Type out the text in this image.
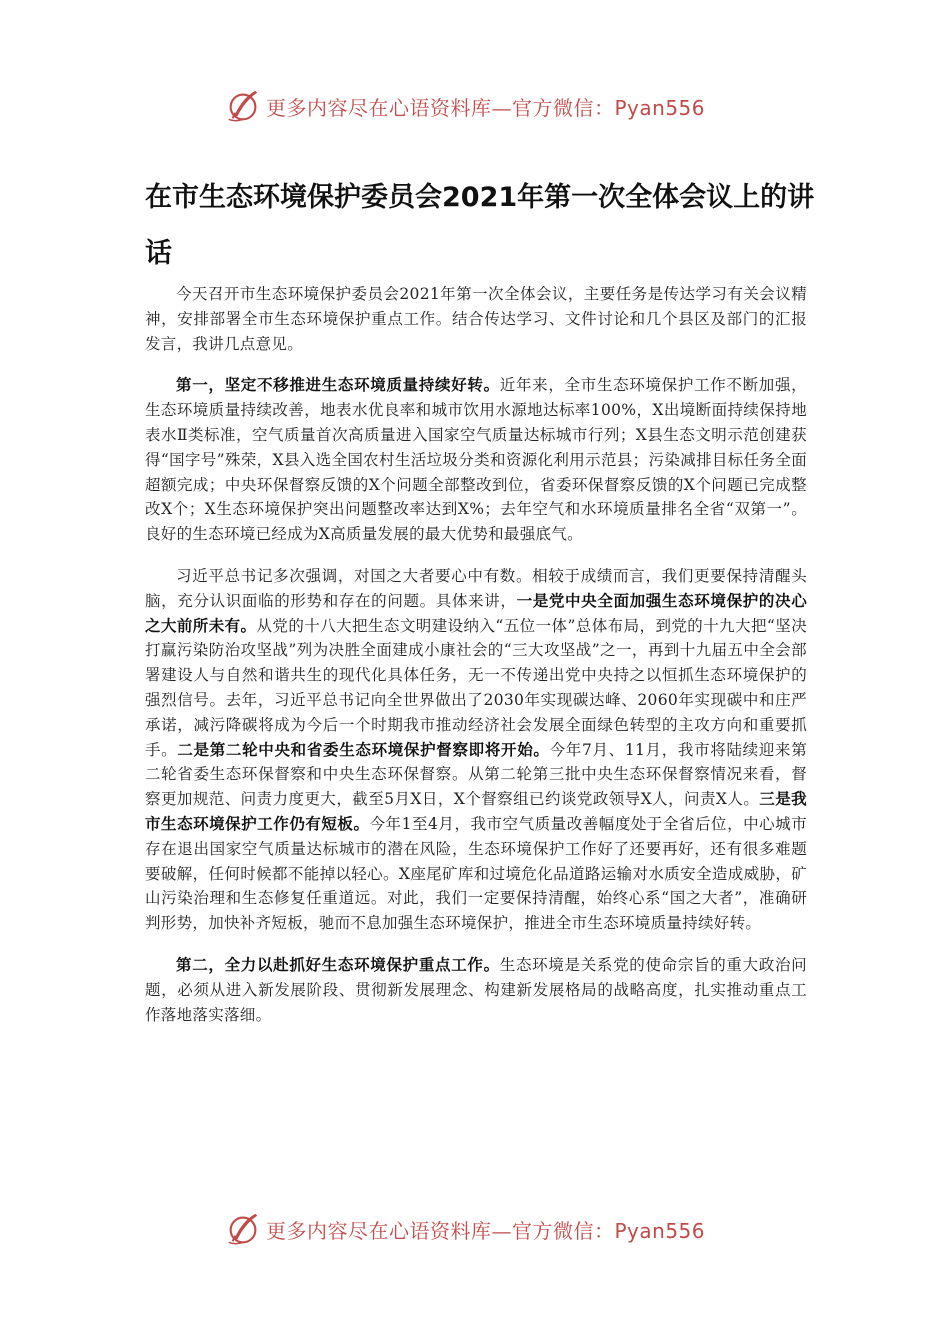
更多内容尽在心语资料库—官方微信：Pyan556
在市生态环境保护委员会2021年第一次全体会议上的讲话

今天召开市生态环境保护委员会2021年第一次全体会议，主要任务是传达学习有关会议精神，安排部署全市生态环境保护重点工作。结合传达学习、文件讨论和几个县区及部门的汇报发言，我讲几点意见。

第一，坚定不移推进生态环境质量持续好转。近年来，全市生态环境保护工作不断加强，生态环境质量持续改善，地表水优良率和城市饮用水源地达标率100%，X出境断面持续保持地表水Ⅱ类标准，空气质量首次高质量进入国家空气质量达标城市行列；X县生态文明示范创建获得“国字号”殊荣，X县入选全国农村生活垃圾分类和资源化利用示范县；污染减排目标任务全面超额完成；中央环保督察反馈的X个问题全部整改到位，省委环保督察反馈的X个问题已完成整改X个；X生态环境保护突出问题整改率达到X%；去年空气和水环境质量排名全省“双第一”。良好的生态环境已经成为X高质量发展的最大优势和最强底气。

习近平总书记多次强调，对国之大者要心中有数。相较于成绩而言，我们更要保持清醒头脑，充分认识面临的形势和存在的问题。具体来讲，一是党中央全面加强生态环境保护的决心之大前所未有。从党的十八大把生态文明建设纳入“五位一体”总体布局，到党的十九大把“坚决打赢污染防治攻坚战”列为决胜全面建成小康社会的“三大攻坚战”之一，再到十九届五中全会部署建设人与自然和谐共生的现代化具体任务，无一不传递出党中央持之以恒抓生态环境保护的强烈信号。去年，习近平总书记向全世界做出了2030年实现碳达峰、2060年实现碳中和庄严承诺，减污降碳将成为今后一个时期我市推动经济社会发展全面绿色转型的主攻方向和重要抓手。二是第二轮中央和省委生态环境保护督察即将开始。今年7月、11月，我市将陆续迎来第二轮省委生态环保督察和中央生态环保督察。从第二轮第三批中央生态环保督察情况来看，督察更加规范、问责力度更大，截至5月X日，X个督察组已约谈党政领导X人，问责X人。三是我市生态环境保护工作仍有短板。今年1至4月，我市空气质量改善幅度处于全省后位，中心城市存在退出国家空气质量达标城市的潜在风险，生态环境保护工作好了还要再好，还有很多难题要破解，任何时候都不能掉以轻心。X座尾矿库和过境危化品道路运输对水质安全造成威胁，矿山污染治理和生态修复任重道远。对此，我们一定要保持清醒，始终心系“国之大者”，准确研判形势，加快补齐短板，驰而不息加强生态环境保护，推进全市生态环境质量持续好转。

第二，全力以赴抓好生态环境保护重点工作。生态环境是关系党的使命宗旨的重大政治问题，必须从进入新发展阶段、贯彻新发展理念、构建新发展格局的战略高度，扎实推动重点工作落地落实落细。

更多内容尽在心语资料库—官方微信：Pyan556
